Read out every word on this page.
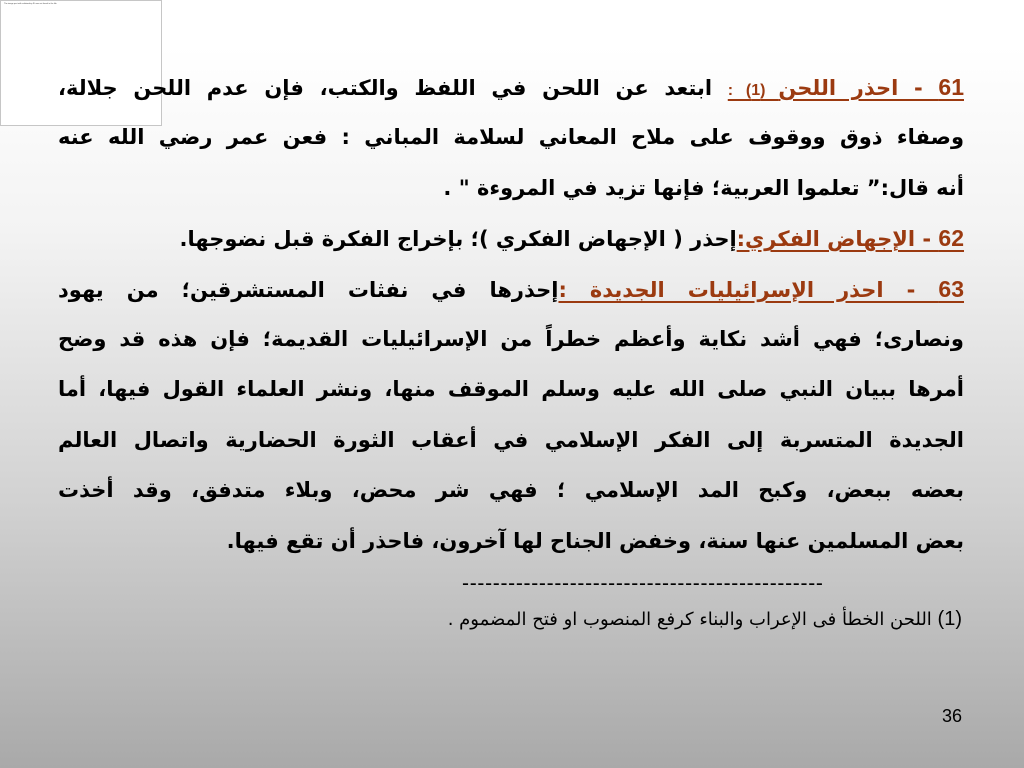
The image part with relationship ID was not found in the file.
61 - احذر اللحن (1) : ابتعد عن اللحن في اللفظ والكتب، فإن عدم اللحن جلالة،
وصفاء ذوق ووقوف على ملاح المعاني لسلامة المباني : فعن عمر رضي الله عنه
أنه قال:” تعلموا العربية؛ فإنها تزيد في المروءة " .
62 - الإجهاض الفكري:إحذر ( الإجهاض الفكري )؛ بإخراج الفكرة قبل نضوجها.
63 - احذر الإسرائيليات الجديدة :إحذرها في نفثات المستشرقين؛ من يهود
ونصارى؛ فهي أشد نكاية وأعظم خطراً من الإسرائيليات القديمة؛ فإن هذه قد وضح
أمرها ببيان النبي صلى الله عليه وسلم الموقف منها، ونشر العلماء القول فيها، أما
الجديدة المتسربة إلى الفكر الإسلامي في أعقاب الثورة الحضارية واتصال العالم
بعضه ببعض، وكبح المد الإسلامي ؛ فهي شر محض، وبلاء متدفق، وقد أخذت
بعض المسلمين عنها سنة، وخفض الجناح لها آخرون، فاحذر أن تقع فيها.
-----------------------------------------------
(1) اللحن الخطأ فى الإعراب والبناء كرفع المنصوب او فتح المضموم .
36
